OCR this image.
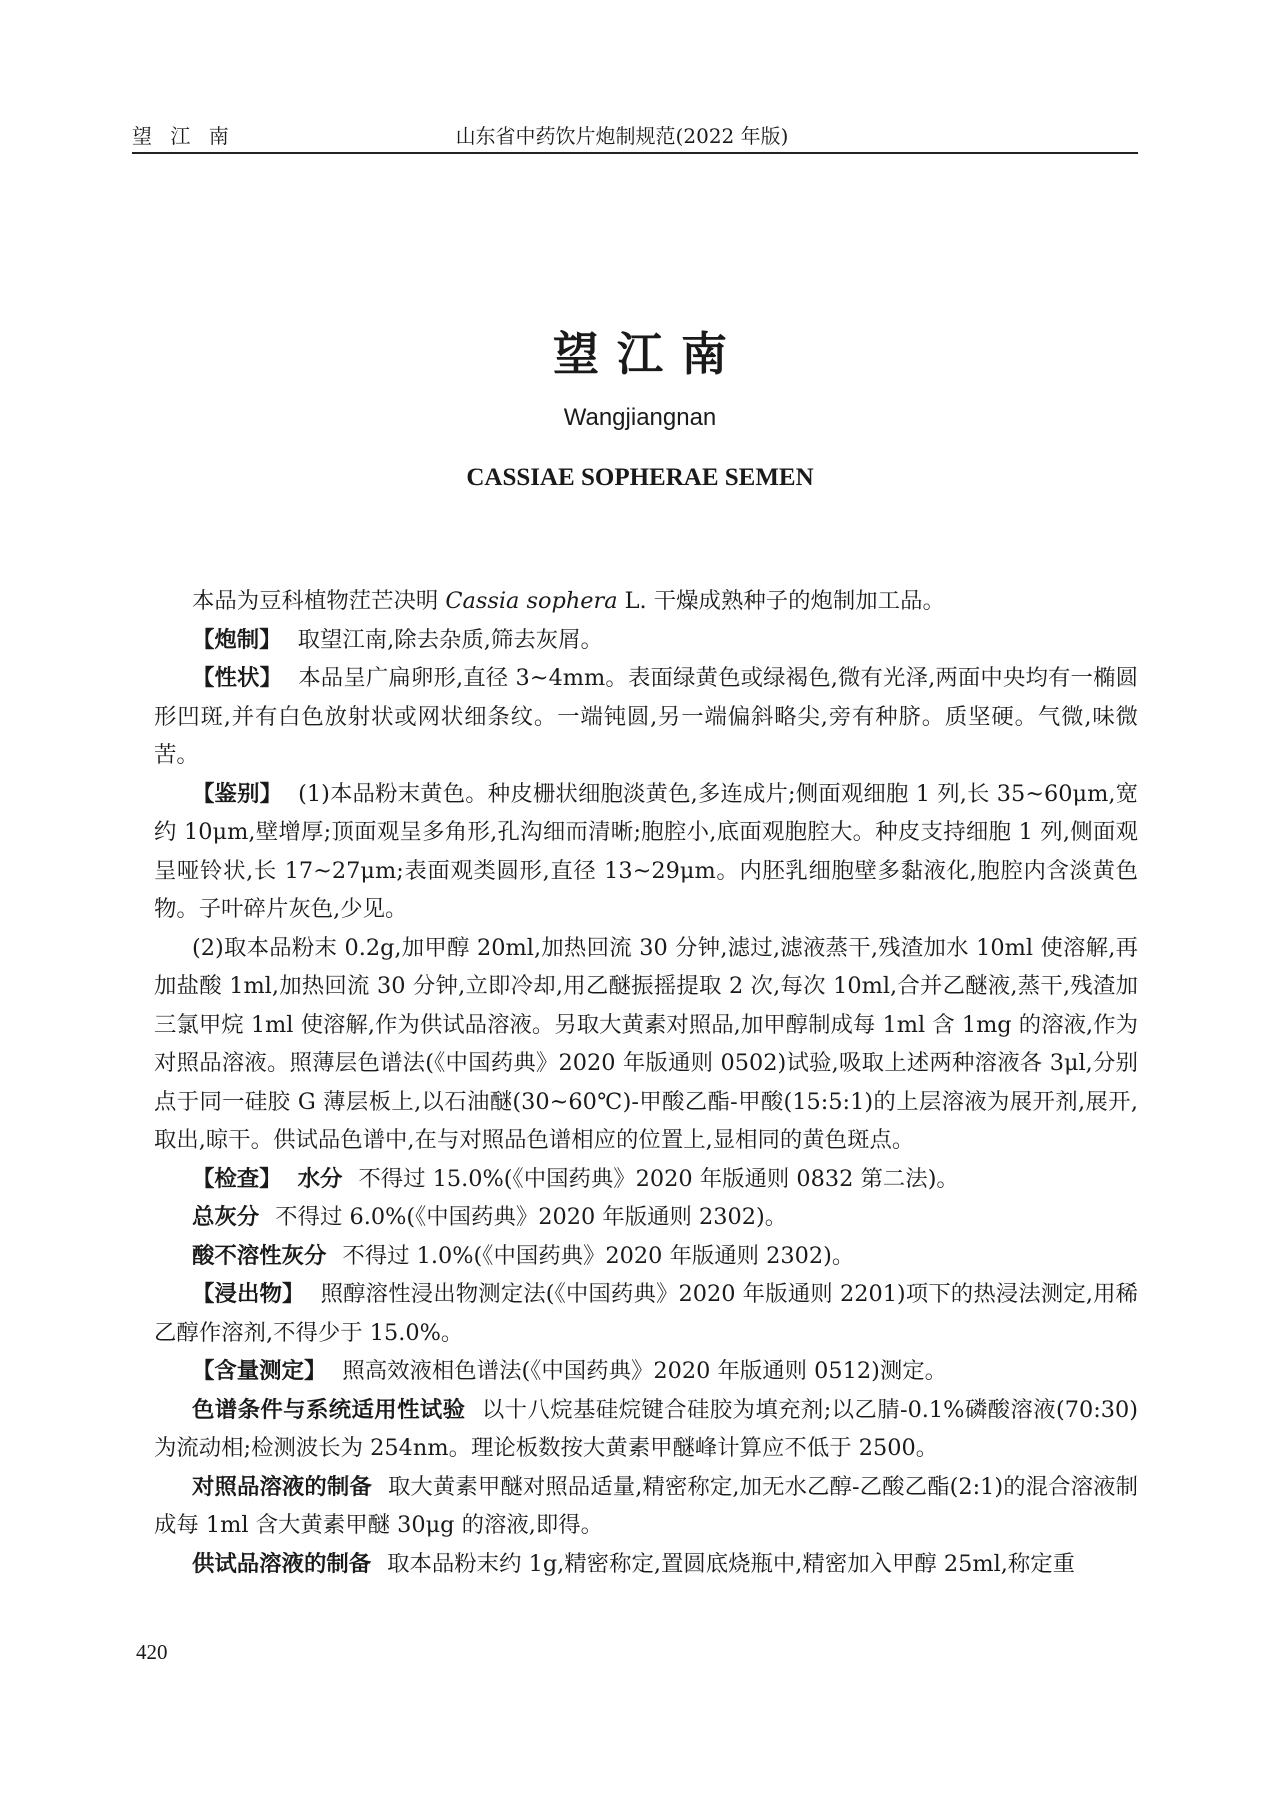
望 江 南	山东省中药饮片炮制规范(2022 年版)
望江南
Wangjiangnan
CASSIAE SOPHERAE SEMEN

本品为豆科植物茳芒决明 Cassia sophera L. 干燥成熟种子的炮制加工品。

【炮制】 取望江南,除去杂质,筛去灰屑。

【性状】 本品呈广扁卵形,直径 3~4mm。表面绿黄色或绿褐色,微有光泽,两面中央均有一椭圆形凹斑,并有白色放射状或网状细条纹。一端钝圆,另一端偏斜略尖,旁有种脐。质坚硬。气微,味微苦。

【鉴别】 (1)本品粉末黄色。种皮栅状细胞淡黄色,多连成片;侧面观细胞 1 列,长 35~60μm,宽约 10μm,壁增厚;顶面观呈多角形,孔沟细而清晰;胞腔小,底面观胞腔大。种皮支持细胞 1 列,侧面观呈哑铃状,长 17~27μm;表面观类圆形,直径 13~29μm。内胚乳细胞壁多黏液化,胞腔内含淡黄色物。子叶碎片灰色,少见。

(2)取本品粉末 0.2g,加甲醇 20ml,加热回流 30 分钟,滤过,滤液蒸干,残渣加水 10ml 使溶解,再加盐酸 1ml,加热回流 30 分钟,立即冷却,用乙醚振摇提取 2 次,每次 10ml,合并乙醚液,蒸干,残渣加三氯甲烷 1ml 使溶解,作为供试品溶液。另取大黄素对照品,加甲醇制成每 1ml 含 1mg 的溶液,作为对照品溶液。照薄层色谱法(《中国药典》2020 年版通则 0502)试验,吸取上述两种溶液各 3μl,分别点于同一硅胶 G 薄层板上,以石油醚(30~60℃)-甲酸乙酯-甲酸(15:5:1)的上层溶液为展开剂,展开,取出,晾干。供试品色谱中,在与对照品色谱相应的位置上,显相同的黄色斑点。

【检查】 水分 不得过 15.0%(《中国药典》2020 年版通则 0832 第二法)。

总灰分 不得过 6.0%(《中国药典》2020 年版通则 2302)。

酸不溶性灰分 不得过 1.0%(《中国药典》2020 年版通则 2302)。

【浸出物】 照醇溶性浸出物测定法(《中国药典》2020 年版通则 2201)项下的热浸法测定,用稀乙醇作溶剂,不得少于 15.0%。

【含量测定】 照高效液相色谱法(《中国药典》2020 年版通则 0512)测定。

色谱条件与系统适用性试验 以十八烷基硅烷键合硅胶为填充剂;以乙腈-0.1%磷酸溶液(70:30)为流动相;检测波长为 254nm。理论板数按大黄素甲醚峰计算应不低于 2500。

对照品溶液的制备 取大黄素甲醚对照品适量,精密称定,加无水乙醇-乙酸乙酯(2:1)的混合溶液制成每 1ml 含大黄素甲醚 30μg 的溶液,即得。

供试品溶液的制备 取本品粉末约 1g,精密称定,置圆底烧瓶中,精密加入甲醇 25ml,称定重

420
